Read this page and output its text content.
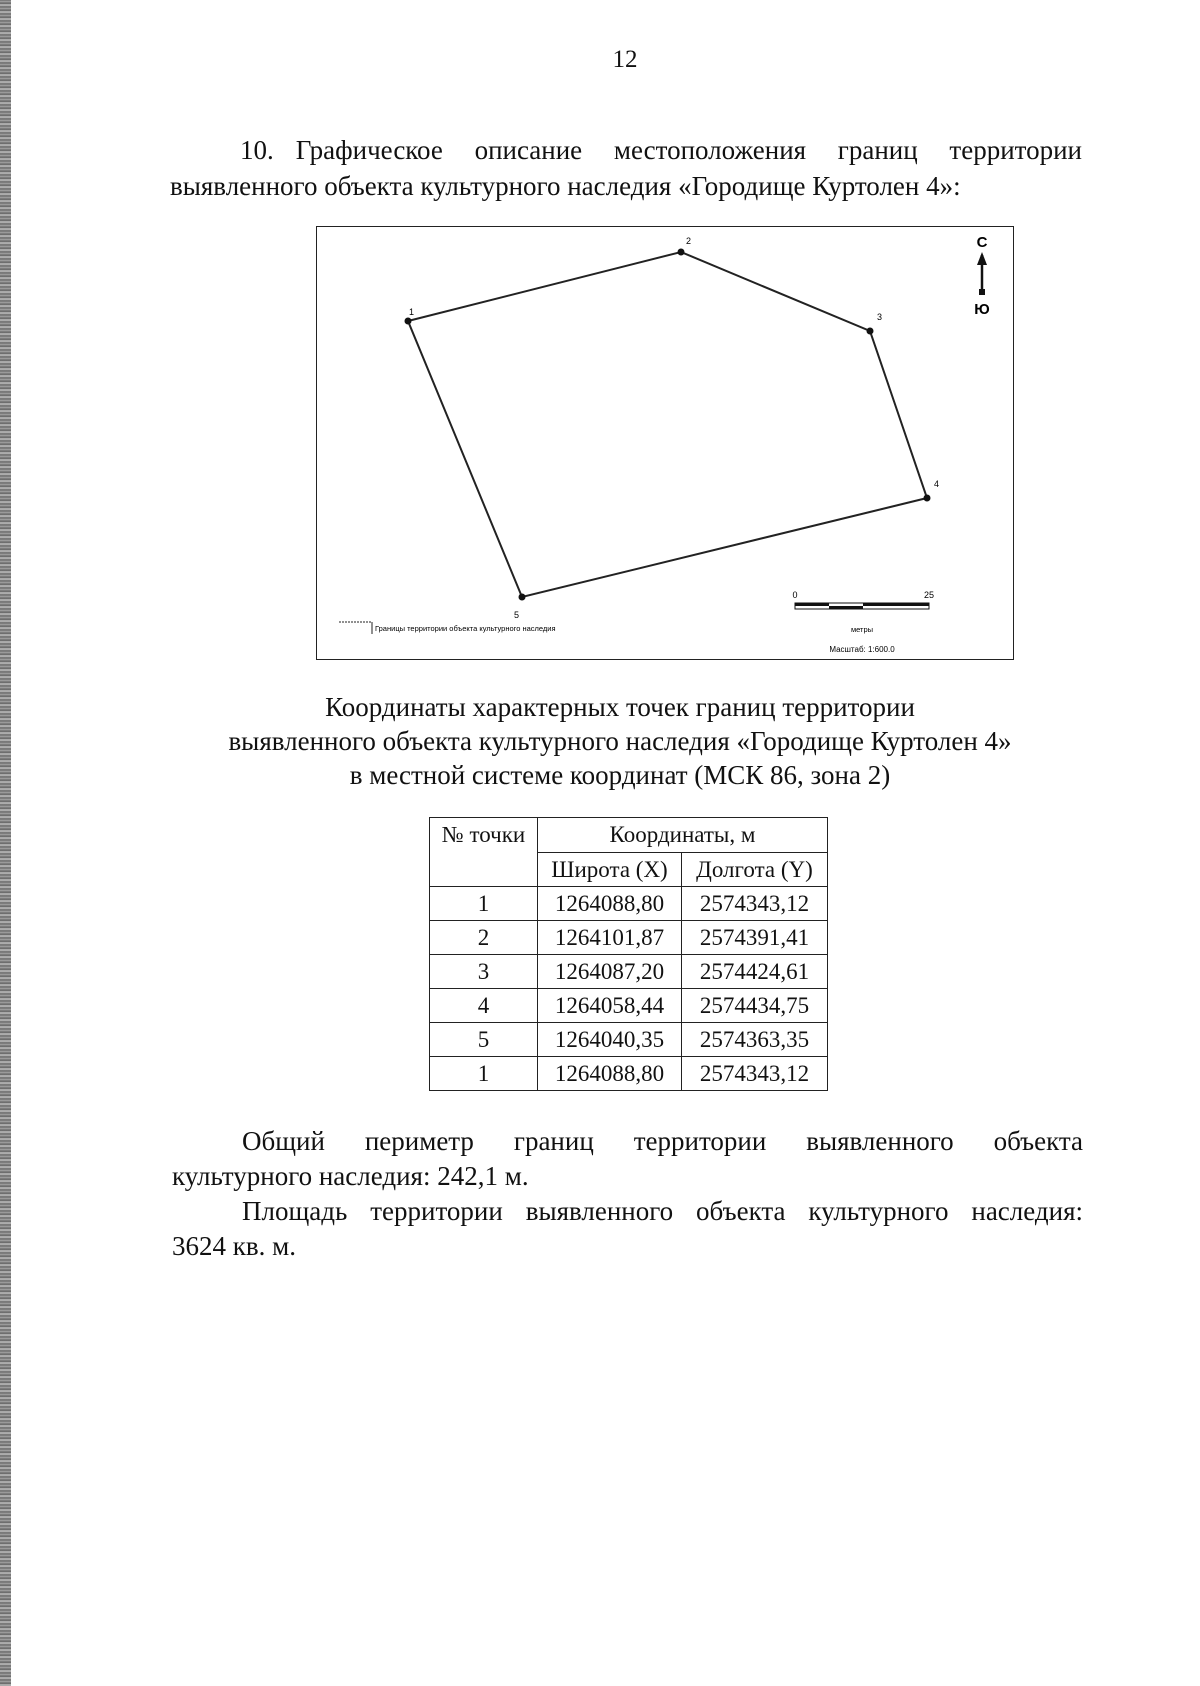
12
10. Графическое описание местоположения границ территории выявленного объекта культурного наследия «Городище Куртолен 4»:
1
2
3
4
5
С
Ю
Границы территории объекта культурного наследия
0	25
метры
Масштаб: 1:600.0
Координаты характерных точек границ территории
выявленного объекта культурного наследия «Городище Куртолен 4»
в местной системе координат (МСК 86, зона 2)
№ точки	Координаты, м	
	Широта (X)	Долгота (Y)
1	1264088,80	2574343,12
2	1264101,87	2574391,41
3	1264087,20	2574424,61
4	1264058,44	2574434,75
5	1264040,35	2574363,35
1	1264088,80	2574343,12

Общий периметр границ территории выявленного объекта

культурного наследия: 242,1 м.

Площадь территории выявленного объекта культурного наследия:

3624 кв. м.
